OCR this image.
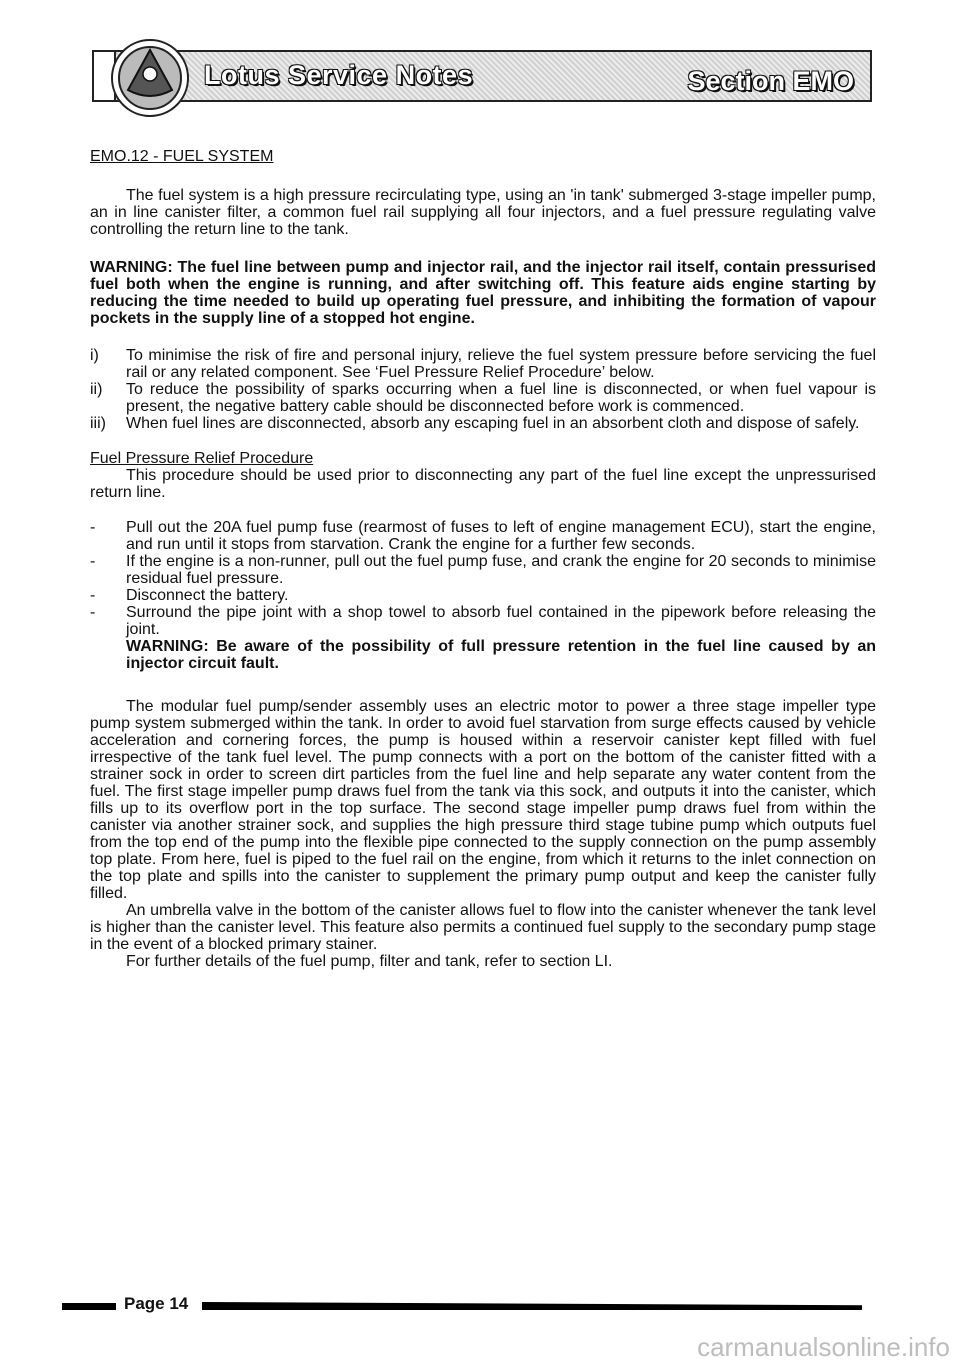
Lotus Service Notes	Section EMO

EMO.12 - FUEL SYSTEM

The fuel system is a high pressure recirculating type, using an 'in tank' submerged 3-stage impeller pump, an in line canister filter, a common fuel rail supplying all four injectors, and a fuel pressure regulating valve controlling the return line to the tank.

WARNING: The fuel line between pump and injector rail, and the injector rail itself, contain pressurised fuel both when the engine is running, and after switching off. This feature aids engine starting by reducing the time needed to build up operating fuel pressure, and inhibiting the formation of vapour pockets in the supply line of a stopped hot engine.

i)	To minimise the risk of fire and personal injury, relieve the fuel system pressure before servicing the fuel rail or any related component. See ‘Fuel Pressure Relief Procedure’ below.
ii)	To reduce the possibility of sparks occurring when a fuel line is disconnected, or when fuel vapour is present, the negative battery cable should be disconnected before work is commenced.
iii)	When fuel lines are disconnected, absorb any escaping fuel in an absorbent cloth and dispose of safely.

Fuel Pressure Relief Procedure

This procedure should be used prior to disconnecting any part of the fuel line except the unpressurised return line.

-	Pull out the 20A fuel pump fuse (rearmost of fuses to left of engine management ECU), start the engine, and run until it stops from starvation. Crank the engine for a further few seconds.
-	If the engine is a non-runner, pull out the fuel pump fuse, and crank the engine for 20 seconds to minimise residual fuel pressure.
-	Disconnect the battery.
-	Surround the pipe joint with a shop towel to absorb fuel contained in the pipework before releasing the joint.
WARNING: Be aware of the possibility of full pressure retention in the fuel line caused by an injector circuit fault.

The modular fuel pump/sender assembly uses an electric motor to power a three stage impeller type pump system submerged within the tank. In order to avoid fuel starvation from surge effects caused by vehicle acceleration and cornering forces, the pump is housed within a reservoir canister kept filled with fuel irrespective of the tank fuel level. The pump connects with a port on the bottom of the canister fitted with a strainer sock in order to screen dirt particles from the fuel line and help separate any water content from the fuel. The first stage impeller pump draws fuel from the tank via this sock, and outputs it into the canister, which fills up to its overflow port in the top surface. The second stage impeller pump draws fuel from within the canister via another strainer sock, and supplies the high pressure third stage tubine pump which outputs fuel from the top end of the pump into the flexible pipe connected to the supply connection on the pump assembly top plate. From here, fuel is piped to the fuel rail on the engine, from which it returns to the inlet connection on the top plate and spills into the canister to supplement the primary pump output and keep the canister fully filled.

An umbrella valve in the bottom of the canister allows fuel to flow into the canister whenever the tank level is higher than the canister level. This feature also permits a continued fuel supply to the secondary pump stage in the event of a blocked primary stainer.

For further details of the fuel pump, filter and tank, refer to section LI.

Page 14
carmanualsonline.info
